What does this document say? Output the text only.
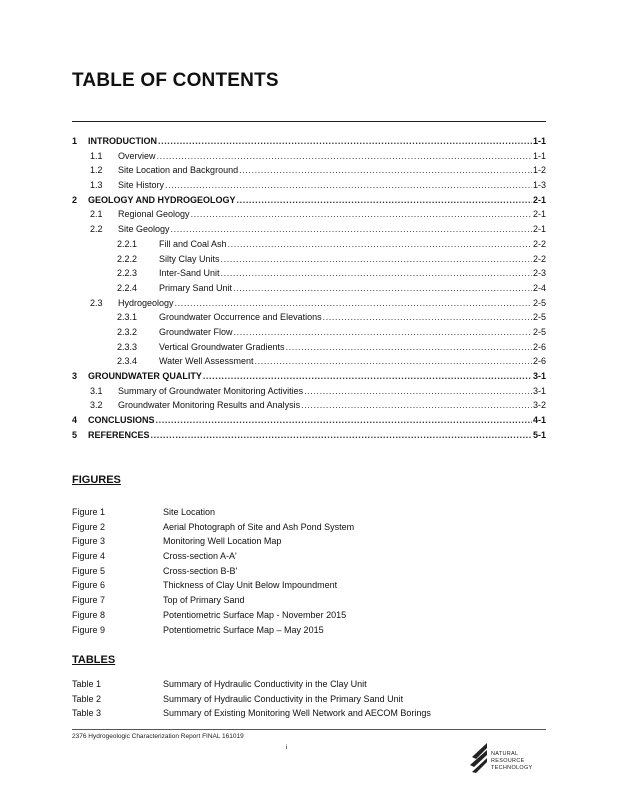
TABLE OF CONTENTS
1	INTRODUCTION .....	1-1
1.1	Overview .....	1-1
1.2	Site Location and Background .....	1-2
1.3	Site History .....	1-3
2	GEOLOGY AND HYDROGEOLOGY .....	2-1
2.1	Regional Geology .....	2-1
2.2	Site Geology .....	2-1
2.2.1	Fill and Coal Ash .....	2-2
2.2.2	Silty Clay Units .....	2-2
2.2.3	Inter-Sand Unit .....	2-3
2.2.4	Primary Sand Unit .....	2-4
2.3	Hydrogeology .....	2-5
2.3.1	Groundwater Occurrence and Elevations .....	2-5
2.3.2	Groundwater Flow .....	2-5
2.3.3	Vertical Groundwater Gradients .....	2-6
2.3.4	Water Well Assessment .....	2-6
3	GROUNDWATER QUALITY .....	3-1
3.1	Summary of Groundwater Monitoring Activities .....	3-1
3.2	Groundwater Monitoring Results and Analysis .....	3-2
4	CONCLUSIONS .....	4-1
5	REFERENCES .....	5-1
FIGURES
Figure 1	Site Location
Figure 2	Aerial Photograph of Site and Ash Pond System
Figure 3	Monitoring Well Location Map
Figure 4	Cross-section A-A'
Figure 5	Cross-section B-B'
Figure 6	Thickness of Clay Unit Below Impoundment
Figure 7	Top of Primary Sand
Figure 8	Potentiometric Surface Map - November 2015
Figure 9	Potentiometric Surface Map – May 2015
TABLES
Table 1	Summary of Hydraulic Conductivity in the Clay Unit
Table 2	Summary of Hydraulic Conductivity in the Primary Sand Unit
Table 3	Summary of Existing Monitoring Well Network and AECOM Borings
2376 Hydrogeologic Characterization Report FINAL 161019
i
NATURAL
RESOURCE
TECHNOLOGY
